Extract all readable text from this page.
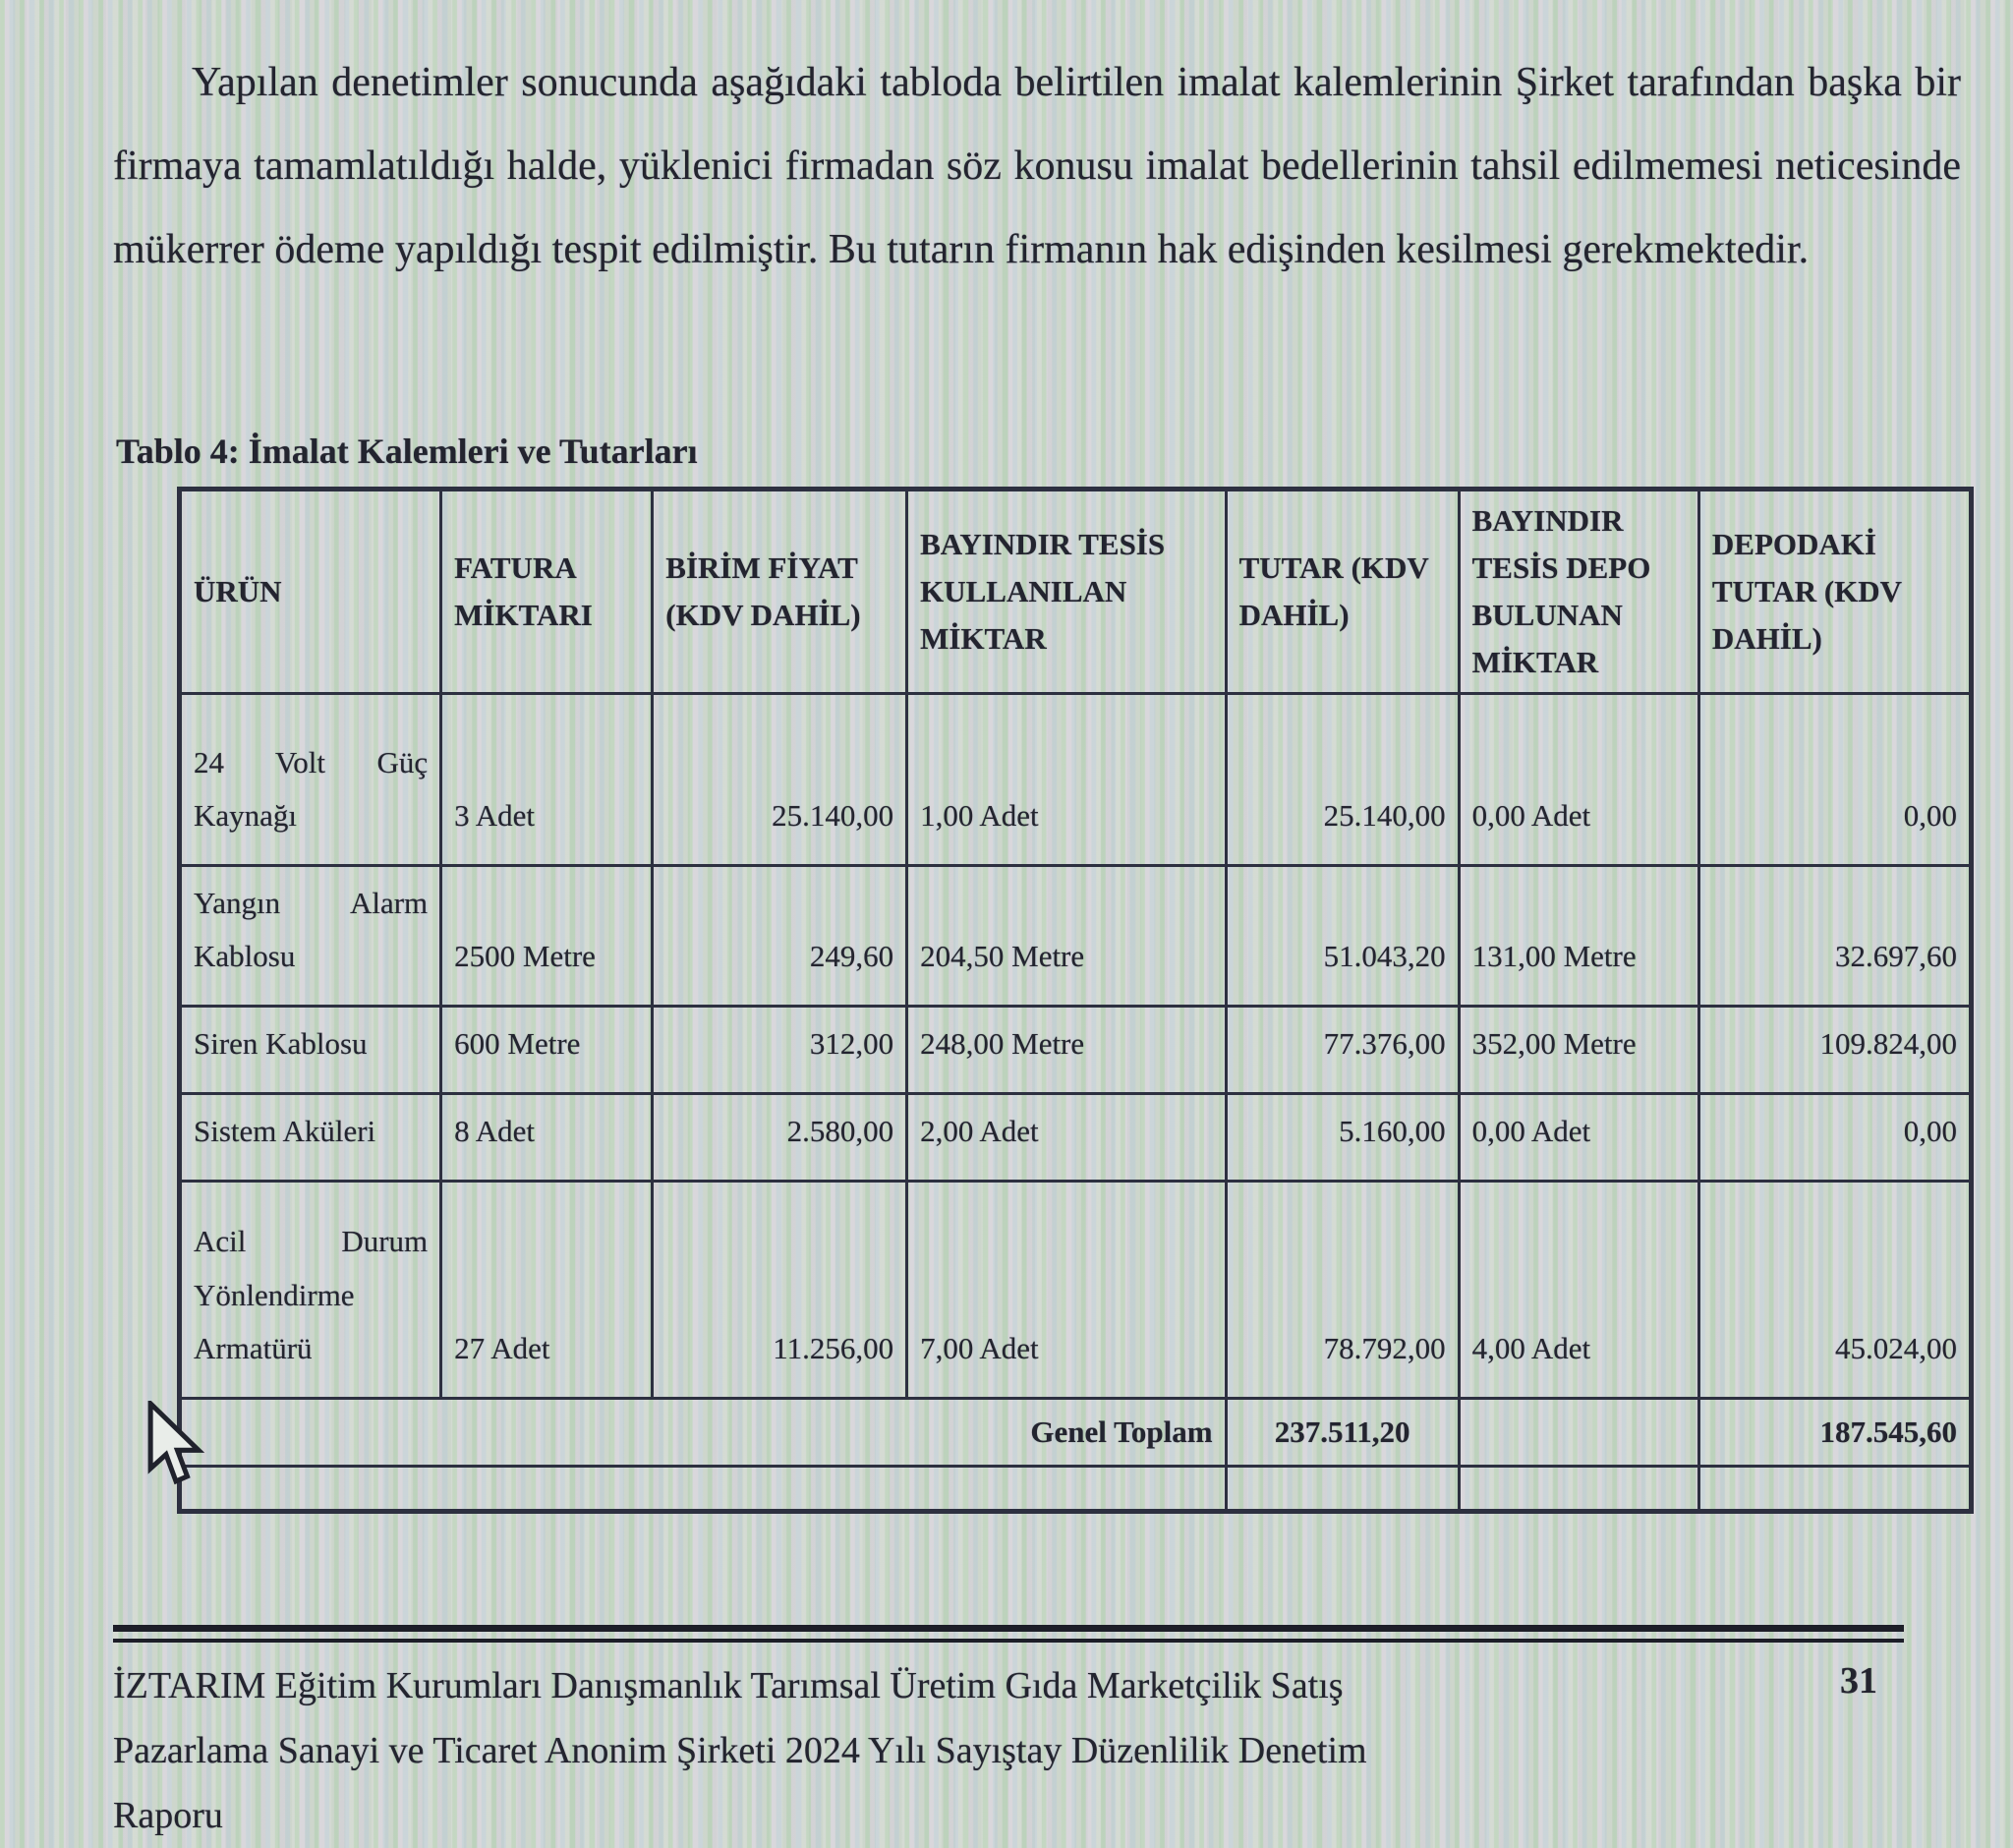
Yapılan denetimler sonucunda aşağıdaki tabloda belirtilen imalat kalemlerinin Şirket tarafından başka bir firmaya tamamlatıldığı halde, yüklenici firmadan söz konusu imalat bedellerinin tahsil edilmemesi neticesinde mükerrer ödeme yapıldığı tespit edilmiştir. Bu tutarın firmanın hak edişinden kesilmesi gerekmektedir.
Tablo 4: İmalat Kalemleri ve Tutarları
ÜRÜN	FATURA MİKTARI	BİRİM FİYAT (KDV DAHİL)	BAYINDIR TESİS KULLANILAN MİKTAR	TUTAR (KDV DAHİL)	BAYINDIR TESİS DEPO BULUNAN MİKTAR	DEPODAKİ TUTAR (KDV DAHİL)
24 Volt Güç Kaynağı	3 Adet	25.140,00	1,00 Adet	25.140,00	0,00 Adet	0,00
Yangın Alarm Kablosu	2500 Metre	249,60	204,50 Metre	51.043,20	131,00 Metre	32.697,60
Siren Kablosu	600 Metre	312,00	248,00 Metre	77.376,00	352,00 Metre	109.824,00
Sistem Aküleri	8 Adet	2.580,00	2,00 Adet	5.160,00	0,00 Adet	0,00
Acil Durum Yönlendirme Armatürü	27 Adet	11.256,00	7,00 Adet	78.792,00	4,00 Adet	45.024,00
Genel Toplam				237.511,20		187.545,60

İZTARIM Eğitim Kurumları Danışmanlık Tarımsal Üretim Gıda Marketçilik Satış Pazarlama Sanayi ve Ticaret Anonim Şirketi 2024 Yılı Sayıştay Düzenlilik Denetim Raporu
31
